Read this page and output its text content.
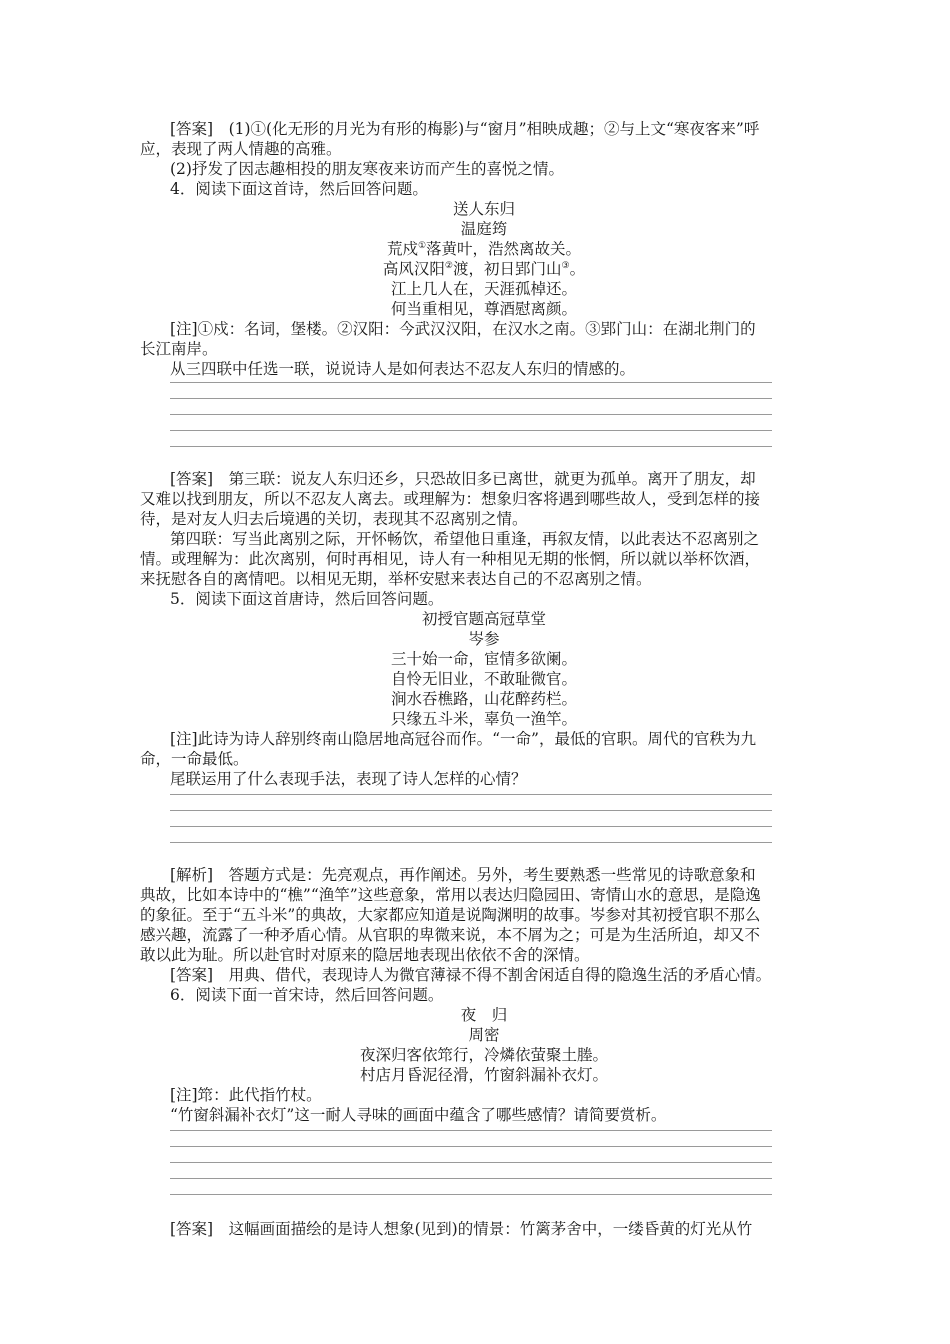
[答案]　(1)①(化无形的月光为有形的梅影)与“窗月”相映成趣；②与上文“寒夜客来”呼
应，表现了两人情趣的高雅。
(2)抒发了因志趣相投的朋友寒夜来访而产生的喜悦之情。
4．阅读下面这首诗，然后回答问题。
送人东归
温庭筠
荒戍①落黄叶，浩然离故关。
高风汉阳②渡，初日郢门山③。
江上几人在，天涯孤棹还。
何当重相见，尊酒慰离颜。
[注]①戍：名词，堡楼。②汉阳：今武汉汉阳，在汉水之南。③郢门山：在湖北荆门的
长江南岸。
从三四联中任选一联，说说诗人是如何表达不忍友人东归的情感的。
[答案]　第三联：说友人东归还乡，只恐故旧多已离世，就更为孤单。离开了朋友，却
又难以找到朋友，所以不忍友人离去。或理解为：想象归客将遇到哪些故人，受到怎样的接
待，是对友人归去后境遇的关切，表现其不忍离别之情。
第四联：写当此离别之际，开怀畅饮，希望他日重逢，再叙友情，以此表达不忍离别之
情。或理解为：此次离别，何时再相见，诗人有一种相见无期的怅惘，所以就以举杯饮酒，
来抚慰各自的离情吧。以相见无期，举杯安慰来表达自己的不忍离别之情。
5．阅读下面这首唐诗，然后回答问题。
初授官题高冠草堂
岑参
三十始一命，宦情多欲阑。
自怜无旧业，不敢耻微官。
涧水吞樵路，山花醉药栏。
只缘五斗米，辜负一渔竿。
[注]此诗为诗人辞别终南山隐居地高冠谷而作。“一命”，最低的官职。周代的官秩为九
命，一命最低。
尾联运用了什么表现手法，表现了诗人怎样的心情？
[解析]　答题方式是：先亮观点，再作阐述。另外，考生要熟悉一些常见的诗歌意象和
典故，比如本诗中的“樵”“渔竿”这些意象，常用以表达归隐园田、寄情山水的意思，是隐逸
的象征。至于“五斗米”的典故，大家都应知道是说陶渊明的故事。岑参对其初授官职不那么
感兴趣，流露了一种矛盾心情。从官职的卑微来说，本不屑为之；可是为生活所迫，却又不
敢以此为耻。所以赴官时对原来的隐居地表现出依依不舍的深情。
[答案]　用典、借代，表现诗人为微官薄禄不得不割舍闲适自得的隐逸生活的矛盾心情。
6．阅读下面一首宋诗，然后回答问题。
夜　归
周密
夜深归客依筇行，冷燐依萤聚土塍。
村店月昏泥径滑，竹窗斜漏补衣灯。
[注]筇：此代指竹杖。
“竹窗斜漏补衣灯”这一耐人寻味的画面中蕴含了哪些感情？请简要赏析。
[答案]　这幅画面描绘的是诗人想象(见到)的情景：竹篱茅舍中，一缕昏黄的灯光从竹
